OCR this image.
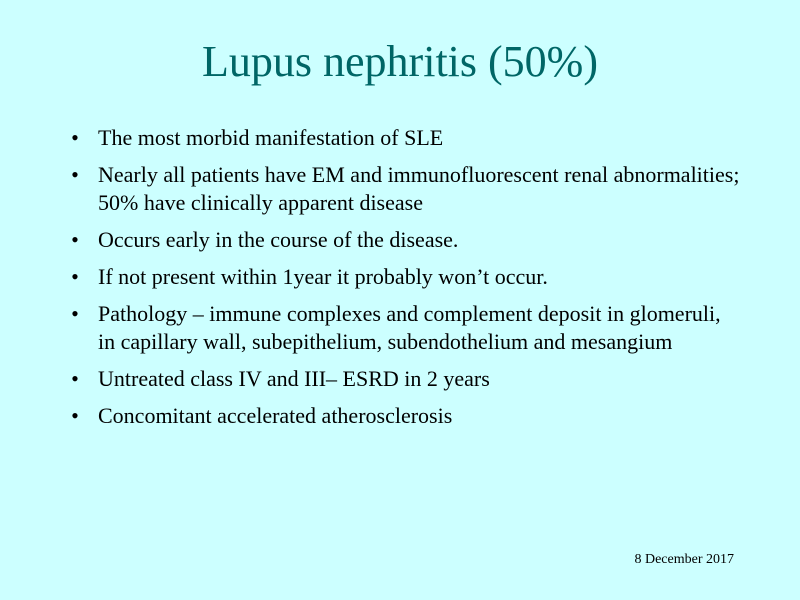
Lupus nephritis (50%)
• The most morbid manifestation of SLE
• Nearly all patients have EM and immunofluorescent renal abnormalities; 50% have clinically apparent disease
• Occurs early in the course of the disease.
• If not present within 1year it probably won’t occur.
• Pathology – immune complexes and complement deposit in glomeruli, in capillary wall, subepithelium, subendothelium and mesangium
• Untreated class IV and III– ESRD in 2 years
• Concomitant accelerated atherosclerosis
8 December 2017
